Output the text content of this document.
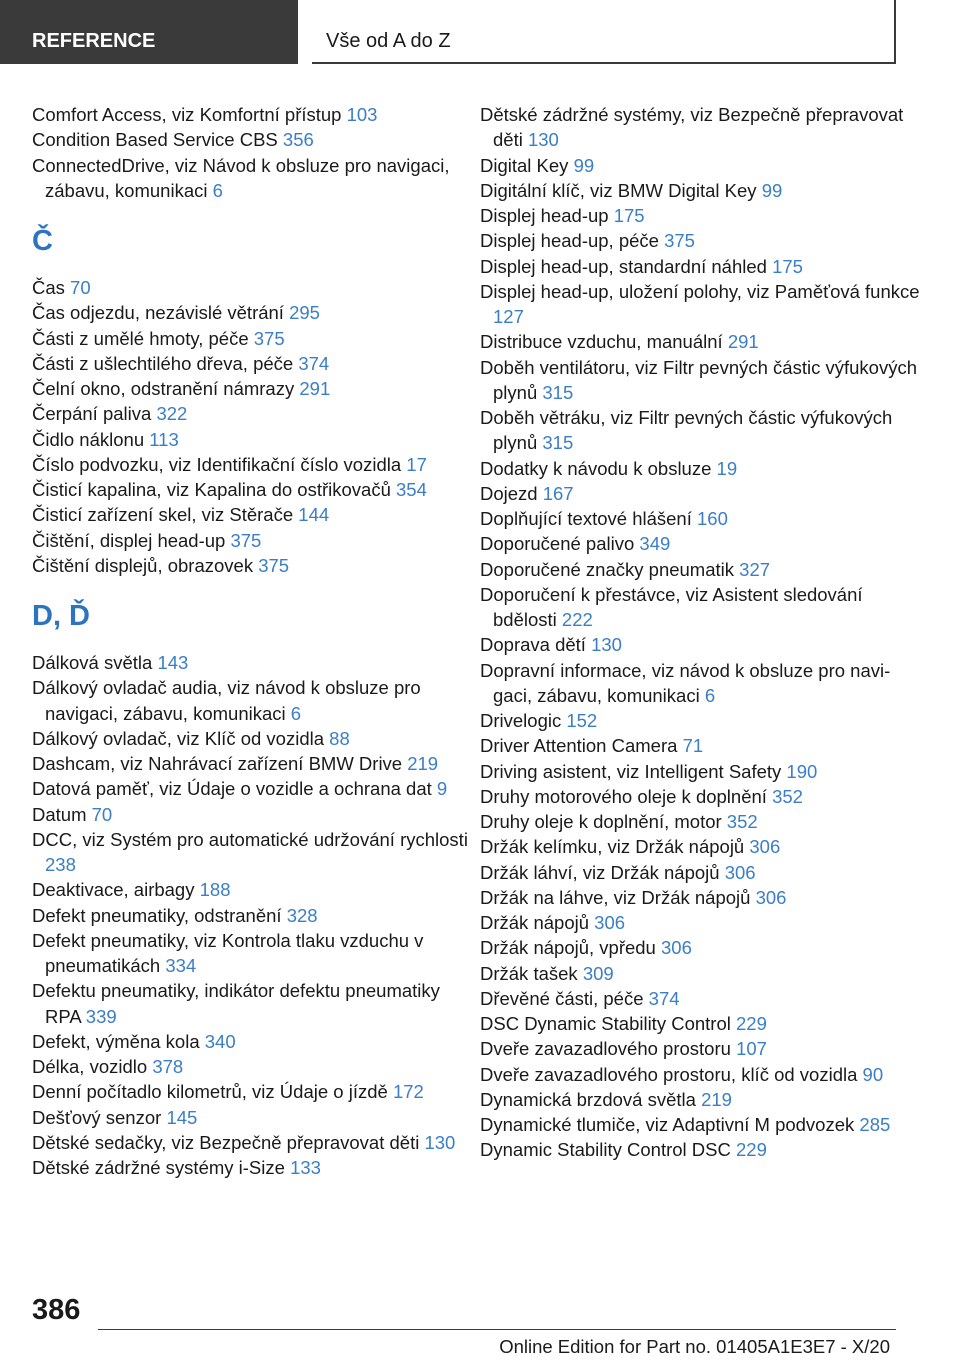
REFERENCE	Vše od A do Z
Comfort Access, viz Komfortní přístup 103
Condition Based Service CBS 356
ConnectedDrive, viz Návod k obsluze pro navigaci, zábavu, komunikaci 6
Č
Čas 70
Čas odjezdu, nezávislé větrání 295
Části z umělé hmoty, péče 375
Části z ušlechtilého dřeva, péče 374
Čelní okno, odstranění námrazy 291
Čerpání paliva 322
Čidlo náklonu 113
Číslo podvozku, viz Identifikační číslo vozidla 17
Čisticí kapalina, viz Kapalina do ostřikovačů 354
Čisticí zařízení skel, viz Stěrače 144
Čištění, displej head-up 375
Čištění displejů, obrazovek 375
D, Ď
Dálková světla 143
Dálkový ovladač audia, viz návod k obsluze pro navigaci, zábavu, komunikaci 6
Dálkový ovladač, viz Klíč od vozidla 88
Dashcam, viz Nahrávací zařízení BMW Drive 219
Datová paměť, viz Údaje o vozidle a ochrana dat 9
Datum 70
DCC, viz Systém pro automatické udržování rychlosti 238
Deaktivace, airbagy 188
Defekt pneumatiky, odstranění 328
Defekt pneumatiky, viz Kontrola tlaku vzduchu v pneumatikách 334
Defektu pneumatiky, indikátor defektu pneumatiky RPA 339
Defekt, výměna kola 340
Délka, vozidlo 378
Denní počítadlo kilometrů, viz Údaje o jízdě 172
Dešťový senzor 145
Dětské sedačky, viz Bezpečně přepravovat děti 130
Dětské zádržné systémy i-Size 133
Dětské zádržné systémy, viz Bezpečně přepravovat děti 130
Digital Key 99
Digitální klíč, viz BMW Digital Key 99
Displej head-up 175
Displej head-up, péče 375
Displej head-up, standardní náhled 175
Displej head-up, uložení polohy, viz Paměťová funkce 127
Distribuce vzduchu, manuální 291
Doběh ventilátoru, viz Filtr pevných částic výfukových plynů 315
Doběh větráku, viz Filtr pevných částic výfukových plynů 315
Dodatky k návodu k obsluze 19
Dojezd 167
Doplňující textové hlášení 160
Doporučené palivo 349
Doporučené značky pneumatik 327
Doporučení k přestávce, viz Asistent sledování bdělosti 222
Doprava dětí 130
Dopravní informace, viz návod k obsluze pro navigaci, zábavu, komunikaci 6
Drivelogic 152
Driver Attention Camera 71
Driving asistent, viz Intelligent Safety 190
Druhy motorového oleje k doplnění 352
Druhy oleje k doplnění, motor 352
Držák kelímku, viz Držák nápojů 306
Držák láhví, viz Držák nápojů 306
Držák na láhve, viz Držák nápojů 306
Držák nápojů 306
Držák nápojů, vpředu 306
Držák tašek 309
Dřevěné části, péče 374
DSC Dynamic Stability Control 229
Dveře zavazadlového prostoru 107
Dveře zavazadlového prostoru, klíč od vozidla 90
Dynamická brzdová světla 219
Dynamické tlumiče, viz Adaptivní M podvozek 285
Dynamic Stability Control DSC 229
386
Online Edition for Part no. 01405A1E3E7 - X/20
